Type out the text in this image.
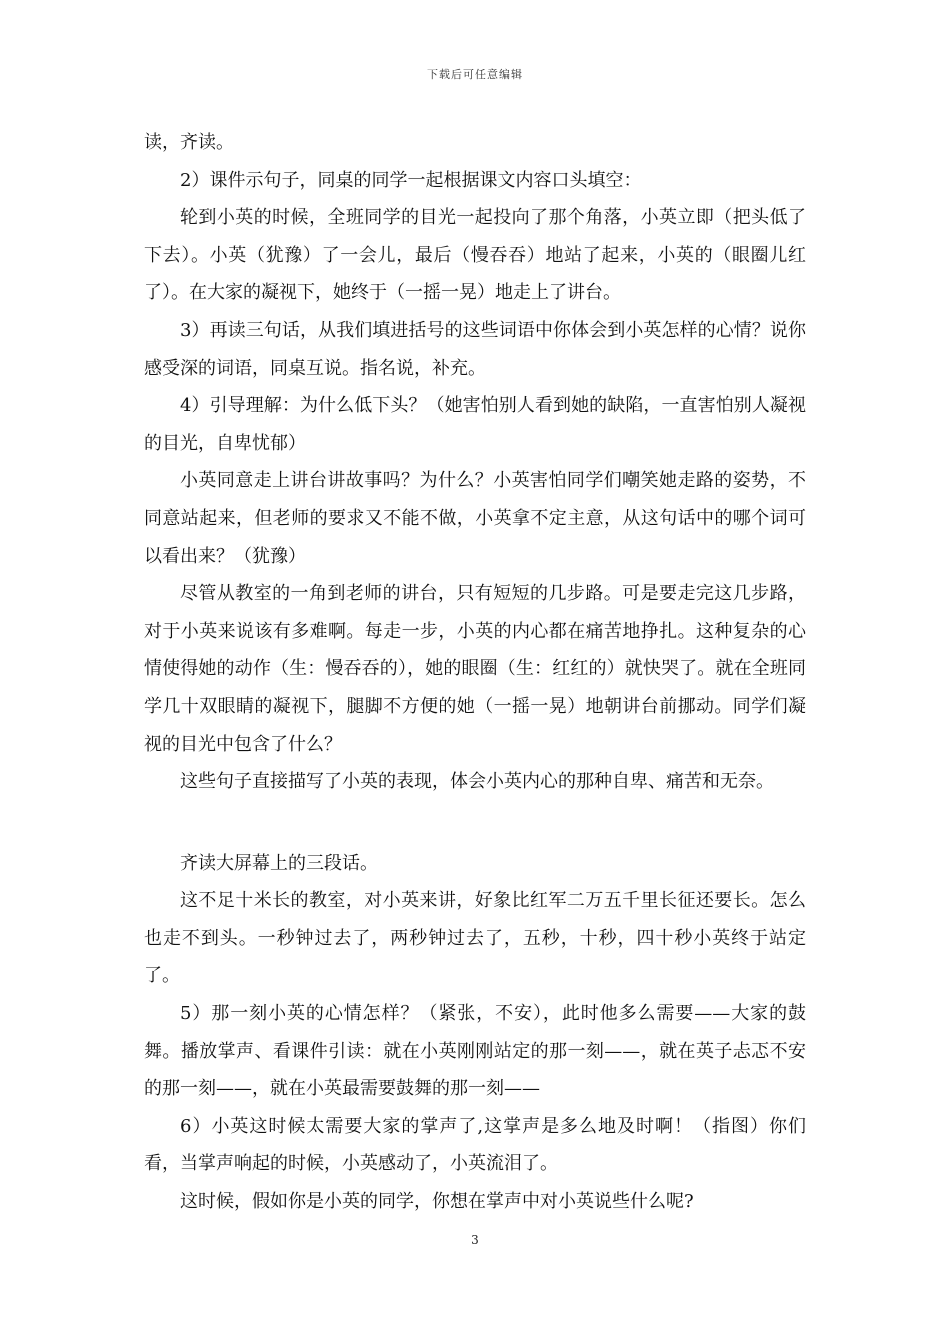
下载后可任意编辑

读，齐读。

2）课件示句子，同桌的同学一起根据课文内容口头填空：

轮到小英的时候，全班同学的目光一起投向了那个角落，小英立即（把头低了下去）。小英（犹豫）了一会儿，最后（慢吞吞）地站了起来，小英的（眼圈儿红了）。在大家的凝视下，她终于（一摇一晃）地走上了讲台。

3）再读三句话，从我们填进括号的这些词语中你体会到小英怎样的心情？说你感受深的词语，同桌互说。指名说，补充。

4）引导理解：为什么低下头？（她害怕别人看到她的缺陷，一直害怕别人凝视的目光，自卑忧郁）

小英同意走上讲台讲故事吗？为什么？小英害怕同学们嘲笑她走路的姿势，不同意站起来，但老师的要求又不能不做，小英拿不定主意，从这句话中的哪个词可以看出来？（犹豫）

尽管从教室的一角到老师的讲台，只有短短的几步路。可是要走完这几步路，对于小英来说该有多难啊。每走一步，小英的内心都在痛苦地挣扎。这种复杂的心情使得她的动作（生：慢吞吞的），她的眼圈（生：红红的）就快哭了。就在全班同学几十双眼睛的凝视下，腿脚不方便的她（一摇一晃）地朝讲台前挪动。同学们凝视的目光中包含了什么？

这些句子直接描写了小英的表现，体会小英内心的那种自卑、痛苦和无奈。

齐读大屏幕上的三段话。

这不足十米长的教室，对小英来讲，好象比红军二万五千里长征还要长。怎么也走不到头。一秒钟过去了，两秒钟过去了，五秒，十秒，四十秒小英终于站定了。

5）那一刻小英的心情怎样？（紧张，不安），此时他多么需要——大家的鼓舞。播放掌声、看课件引读：就在小英刚刚站定的那一刻——，就在英子忐忑不安的那一刻——，就在小英最需要鼓舞的那一刻——

6）小英这时候太需要大家的掌声了,这掌声是多么地及时啊！（指图）你们看，当掌声响起的时候，小英感动了，小英流泪了。

这时候，假如你是小英的同学，你想在掌声中对小英说些什么呢?

3
